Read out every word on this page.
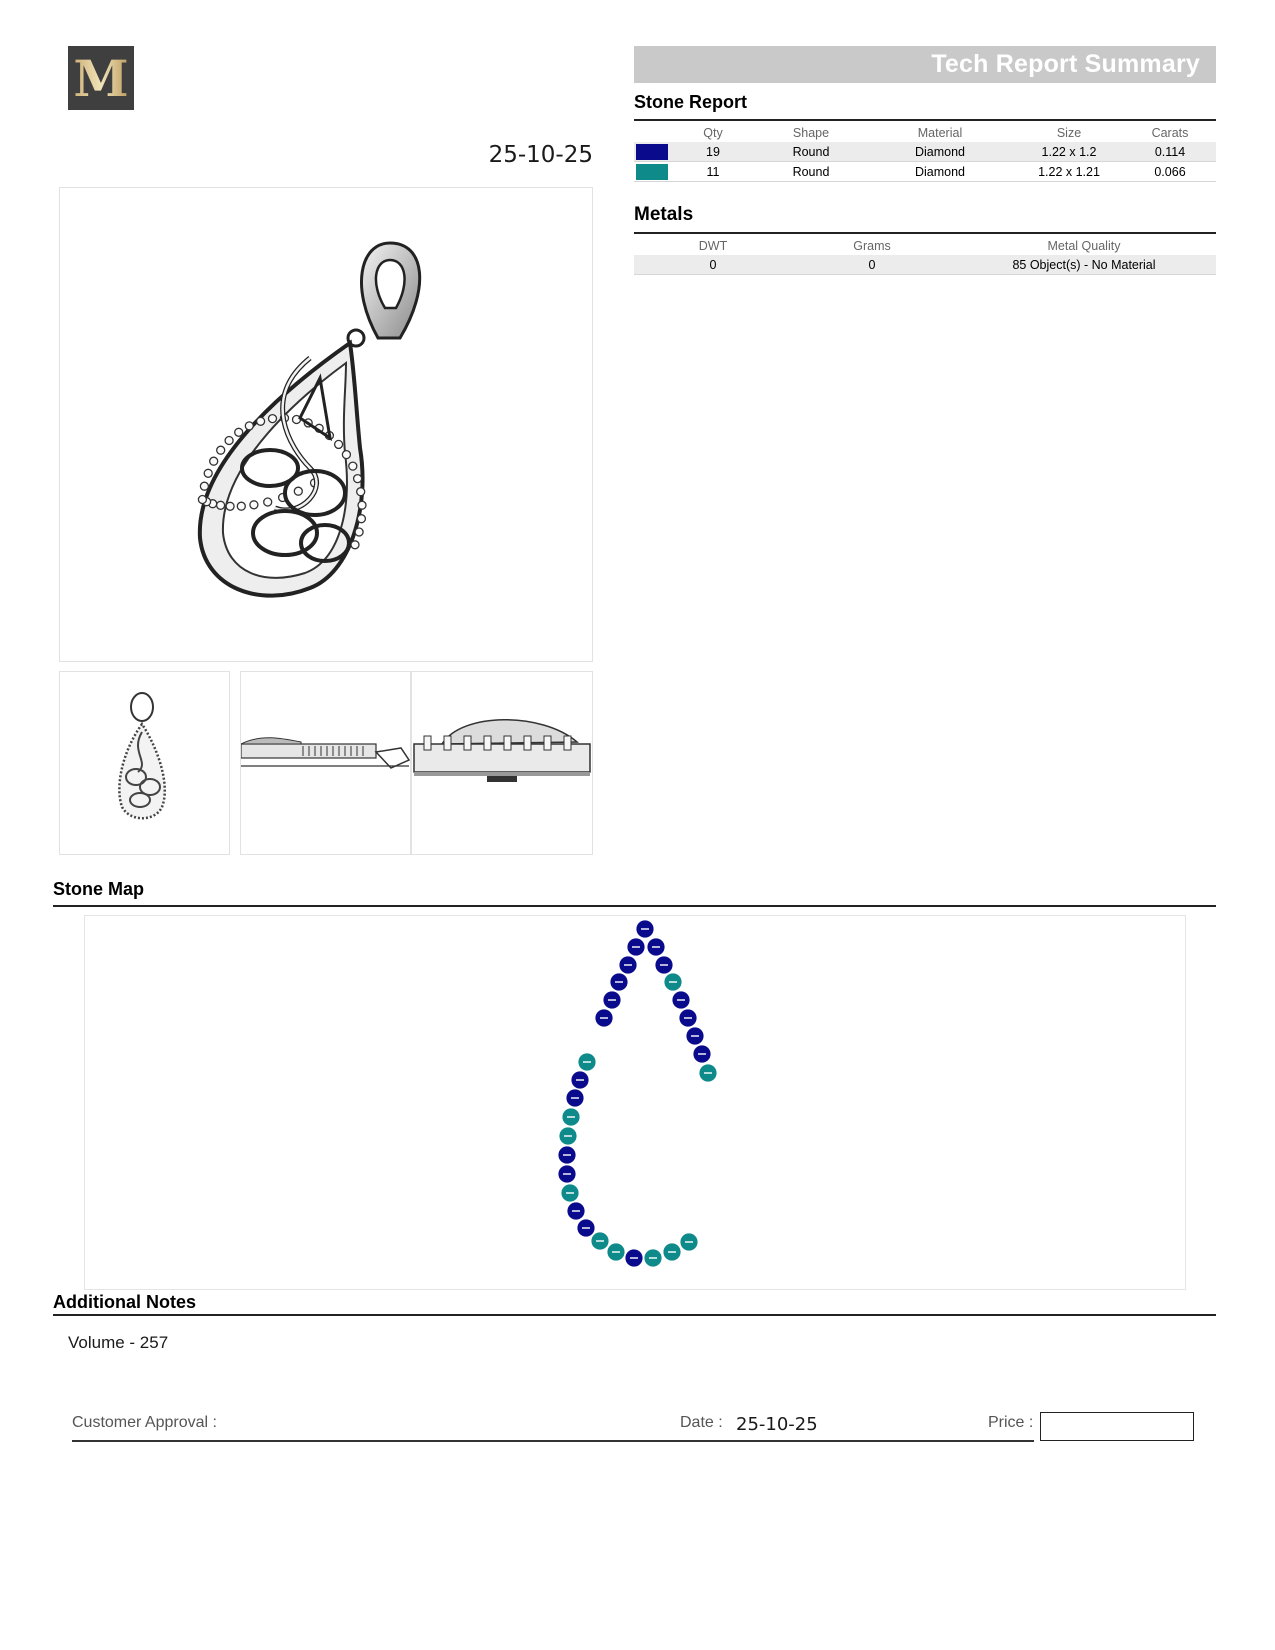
M
25-10-25
Tech Report Summary
Stone Report
	Qty	Shape	Material	Size	Carats
	19	Round	Diamond	1.22 x 1.2	0.114
	11	Round	Diamond	1.22 x 1.21	0.066
Metals
DWT	Grams	Metal Quality
0	0	85 Object(s) - No Material
Stone Map
Additional Notes
Volume - 257
Customer Approval :	Date : 25-10-25	Price :
